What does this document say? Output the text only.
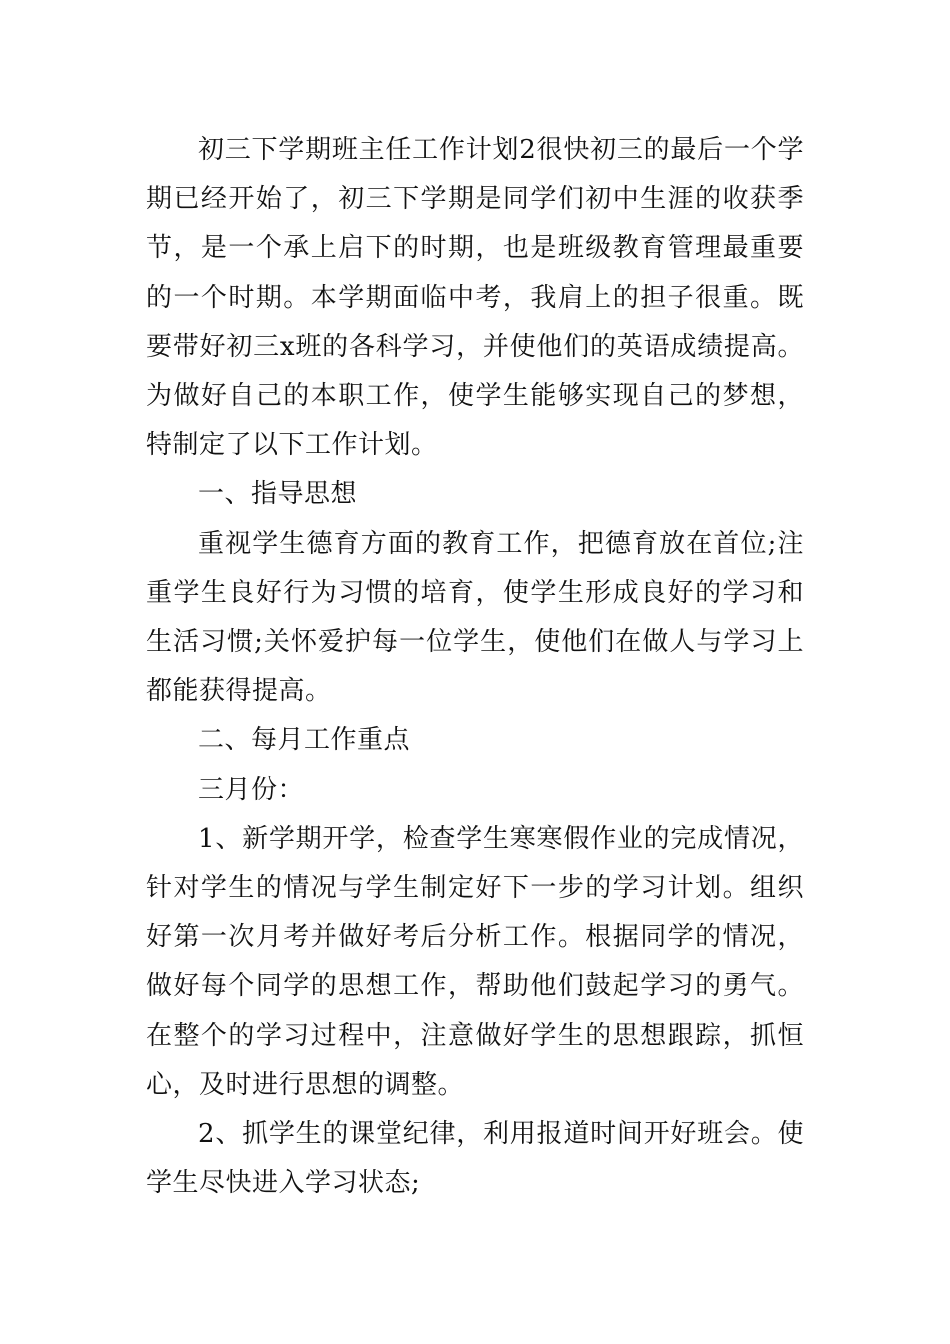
初三下学期班主任工作计划2很快初三的最后一个学期已经开始了，初三下学期是同学们初中生涯的收获季节，是一个承上启下的时期，也是班级教育管理最重要的一个时期。本学期面临中考，我肩上的担子很重。既要带好初三x班的各科学习，并使他们的英语成绩提高。为做好自己的本职工作，使学生能够实现自己的梦想，特制定了以下工作计划。

一、指导思想

重视学生德育方面的教育工作，把德育放在首位;注重学生良好行为习惯的培育，使学生形成良好的学习和生活习惯;关怀爱护每一位学生，使他们在做人与学习上都能获得提高。

二、每月工作重点

三月份：

1、新学期开学，检查学生寒寒假作业的完成情况，针对学生的情况与学生制定好下一步的学习计划。组织好第一次月考并做好考后分析工作。根据同学的情况，做好每个同学的思想工作，帮助他们鼓起学习的勇气。在整个的学习过程中，注意做好学生的思想跟踪，抓恒心，及时进行思想的调整。

2、抓学生的课堂纪律，利用报道时间开好班会。使学生尽快进入学习状态;
